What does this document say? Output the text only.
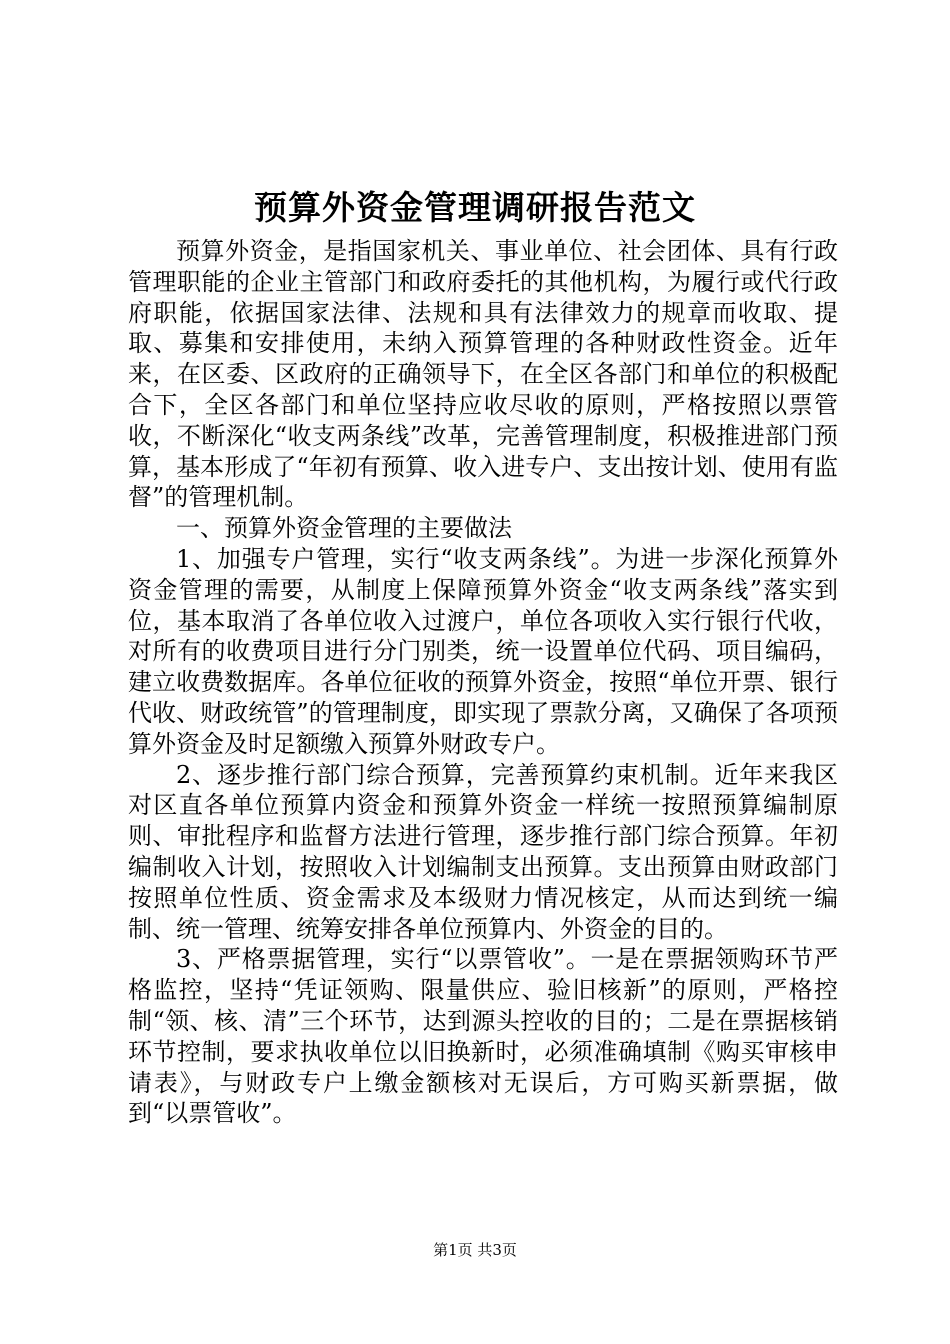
预算外资金管理调研报告范文

预算外资金，是指国家机关、事业单位、社会团体、具有行政管理职能的企业主管部门和政府委托的其他机构，为履行或代行政府职能，依据国家法律、法规和具有法律效力的规章而收取、提取、募集和安排使用，未纳入预算管理的各种财政性资金。近年来，在区委、区政府的正确领导下，在全区各部门和单位的积极配合下，全区各部门和单位坚持应收尽收的原则，严格按照以票管收，不断深化“收支两条线”改革，完善管理制度，积极推进部门预算，基本形成了“年初有预算、收入进专户、支出按计划、使用有监督”的管理机制。

一、预算外资金管理的主要做法

1、加强专户管理，实行“收支两条线”。为进一步深化预算外资金管理的需要，从制度上保障预算外资金“收支两条线”落实到位，基本取消了各单位收入过渡户，单位各项收入实行银行代收，对所有的收费项目进行分门别类，统一设置单位代码、项目编码，建立收费数据库。各单位征收的预算外资金，按照“单位开票、银行代收、财政统管”的管理制度，即实现了票款分离，又确保了各项预算外资金及时足额缴入预算外财政专户。

2、逐步推行部门综合预算，完善预算约束机制。近年来我区对区直各单位预算内资金和预算外资金一样统一按照预算编制原则、审批程序和监督方法进行管理，逐步推行部门综合预算。年初编制收入计划，按照收入计划编制支出预算。支出预算由财政部门按照单位性质、资金需求及本级财力情况核定，从而达到统一编制、统一管理、统筹安排各单位预算内、外资金的目的。

3、严格票据管理，实行“以票管收”。一是在票据领购环节严格监控，坚持“凭证领购、限量供应、验旧核新”的原则，严格控制“领、核、清”三个环节，达到源头控收的目的；二是在票据核销环节控制，要求执收单位以旧换新时，必须准确填制《购买审核申请表》，与财政专户上缴金额核对无误后，方可购买新票据，做到“以票管收”。

第1页 共3页
